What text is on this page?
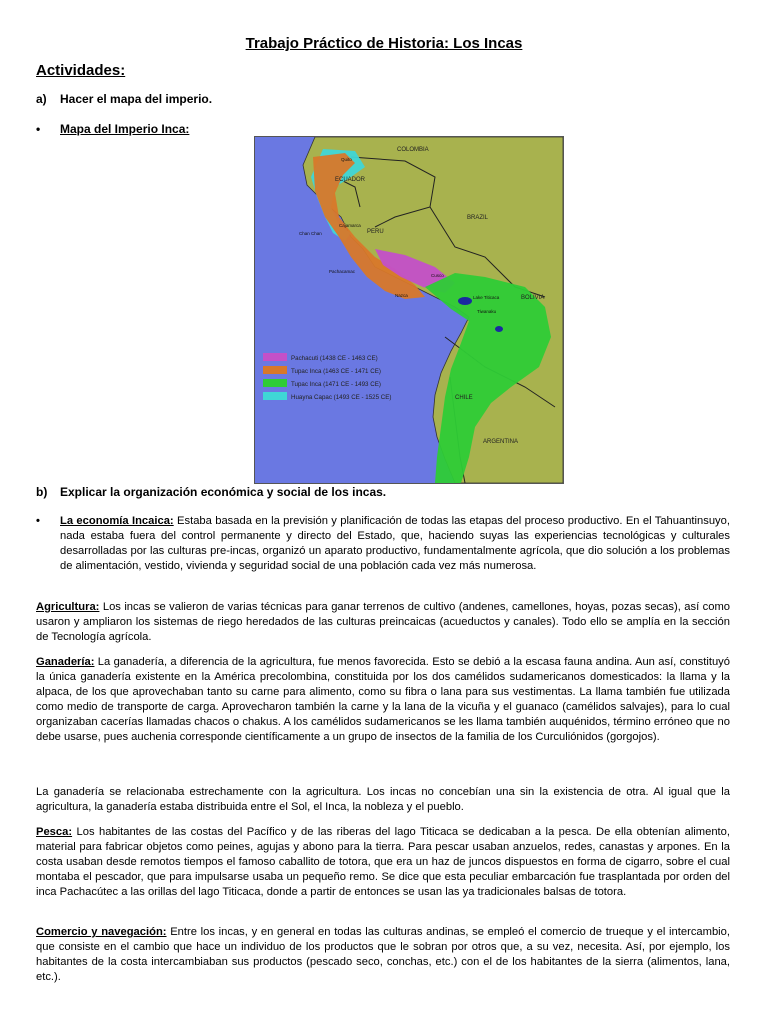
Trabajo Práctico de Historia: Los Incas
Actividades:
a) Hacer el mapa del imperio.
• Mapa del Imperio Inca:
COLOMBIA
ECUADOR
BRAZIL
PERU
BOLIVIA
CHILE
ARGENTINA
Quito
Chan Chan
Cajamarca
Cusco
Pachacamac
Nazca	Lake Titicaca
Tiwanaku
Pachacuti (1438 CE - 1463 CE)
Tupac Inca (1463 CE - 1471 CE)
Tupac Inca (1471 CE - 1493 CE)
Huayna Capac (1493 CE - 1525 CE)
b) Explicar la organización económica y social de los incas.
• La economía Incaica: Estaba basada en la previsión y planificación de todas las etapas del proceso productivo. En el Tahuantinsuyo, nada estaba fuera del control permanente y directo del Estado, que, haciendo suyas las experiencias tecnológicas y culturales desarrolladas por las culturas pre-incas, organizó un aparato productivo, fundamentalmente agrícola, que dio solución a los problemas de alimentación, vestido, vivienda y seguridad social de una población cada vez más numerosa.
Agricultura: Los incas se valieron de varias técnicas para ganar terrenos de cultivo (andenes, camellones, hoyas, pozas secas), así como usaron y ampliaron los sistemas de riego heredados de las culturas preincaicas (acueductos y canales). Todo ello se amplía en la sección de Tecnología agrícola.
Ganadería: La ganadería, a diferencia de la agricultura, fue menos favorecida. Esto se debió a la escasa fauna andina. Aun así, constituyó la única ganadería existente en la América precolombina, constituida por los dos camélidos sudamericanos domesticados: la llama y la alpaca, de los que aprovechaban tanto su carne para alimento, como su fibra o lana para sus vestimentas. La llama también fue utilizada como medio de transporte de carga. Aprovecharon también la carne y la lana de la vicuña y el guanaco (camélidos salvajes), para lo cual organizaban cacerías llamadas chacos o chakus. A los camélidos sudamericanos se les llama también auquénidos, término erróneo que no debe usarse, pues auchenia corresponde científicamente a un grupo de insectos de la familia de los Curculiónidos (gorgojos).
La ganadería se relacionaba estrechamente con la agricultura. Los incas no concebían una sin la existencia de otra. Al igual que la agricultura, la ganadería estaba distribuida entre el Sol, el Inca, la nobleza y el pueblo.
Pesca: Los habitantes de las costas del Pacífico y de las riberas del lago Titicaca se dedicaban a la pesca. De ella obtenían alimento, material para fabricar objetos como peines, agujas y abono para la tierra. Para pescar usaban anzuelos, redes, canastas y arpones. En la costa usaban desde remotos tiempos el famoso caballito de totora, que era un haz de juncos dispuestos en forma de cigarro, sobre el cual montaba el pescador, que para impulsarse usaba un pequeño remo. Se dice que esta peculiar embarcación fue trasplantada por orden del inca Pachacútec a las orillas del lago Titicaca, donde a partir de entonces se usan las ya tradicionales balsas de totora.
Comercio y navegación: Entre los incas, y en general en todas las culturas andinas, se empleó el comercio de trueque y el intercambio, que consiste en el cambio que hace un individuo de los productos que le sobran por otros que, a su vez, necesita. Así, por ejemplo, los habitantes de la costa intercambiaban sus productos (pescado seco, conchas, etc.) con el de los habitantes de la sierra (alimentos, lana, etc.).
